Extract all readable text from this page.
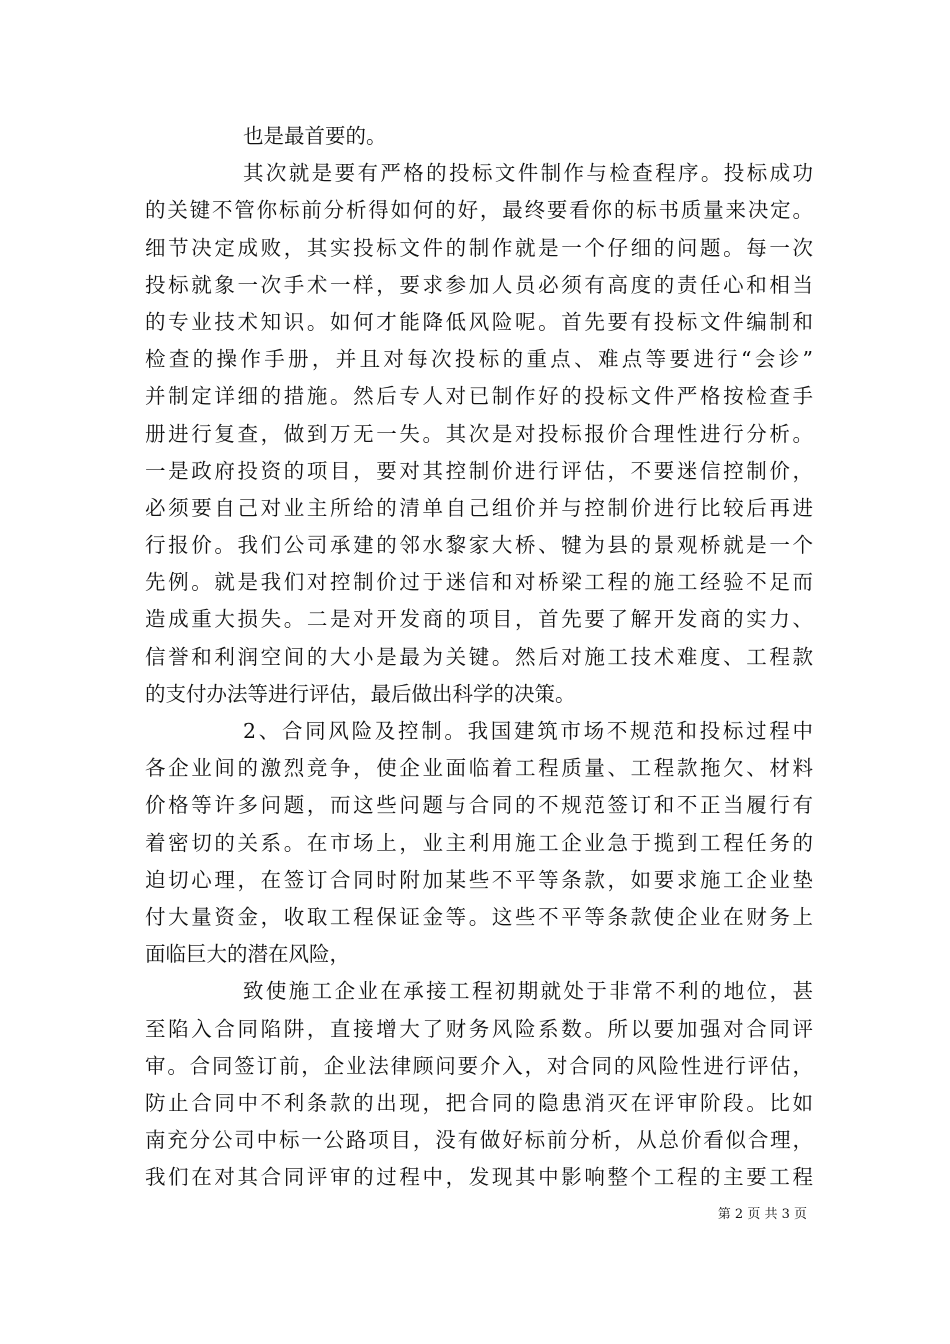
也是最首要的。
其次就是要有严格的投标文件制作与检查程序。投标成功
的关键不管你标前分析得如何的好，最终要看你的标书质量来决定。
细节决定成败，其实投标文件的制作就是一个仔细的问题。每一次
投标就象一次手术一样，要求参加人员必须有高度的责任心和相当
的专业技术知识。如何才能降低风险呢。首先要有投标文件编制和
检查的操作手册，并且对每次投标的重点、难点等要进行“会诊”
并制定详细的措施。然后专人对已制作好的投标文件严格按检查手
册进行复查，做到万无一失。其次是对投标报价合理性进行分析。
一是政府投资的项目，要对其控制价进行评估，不要迷信控制价，
必须要自己对业主所给的清单自己组价并与控制价进行比较后再进
行报价。我们公司承建的邻水黎家大桥、犍为县的景观桥就是一个
先例。就是我们对控制价过于迷信和对桥梁工程的施工经验不足而
造成重大损失。二是对开发商的项目，首先要了解开发商的实力、
信誉和利润空间的大小是最为关键。然后对施工技术难度、工程款
的支付办法等进行评估，最后做出科学的决策。
2、合同风险及控制。我国建筑市场不规范和投标过程中
各企业间的激烈竞争，使企业面临着工程质量、工程款拖欠、材料
价格等许多问题，而这些问题与合同的不规范签订和不正当履行有
着密切的关系。在市场上，业主利用施工企业急于揽到工程任务的
迫切心理，在签订合同时附加某些不平等条款，如要求施工企业垫
付大量资金，收取工程保证金等。这些不平等条款使企业在财务上
面临巨大的潜在风险，
致使施工企业在承接工程初期就处于非常不利的地位，甚
至陷入合同陷阱，直接增大了财务风险系数。所以要加强对合同评
审。合同签订前，企业法律顾问要介入，对合同的风险性进行评估，
防止合同中不利条款的出现，把合同的隐患消灭在评审阶段。比如
南充分公司中标一公路项目，没有做好标前分析，从总价看似合理，
我们在对其合同评审的过程中，发现其中影响整个工程的主要工程
第 2 页 共 3 页
